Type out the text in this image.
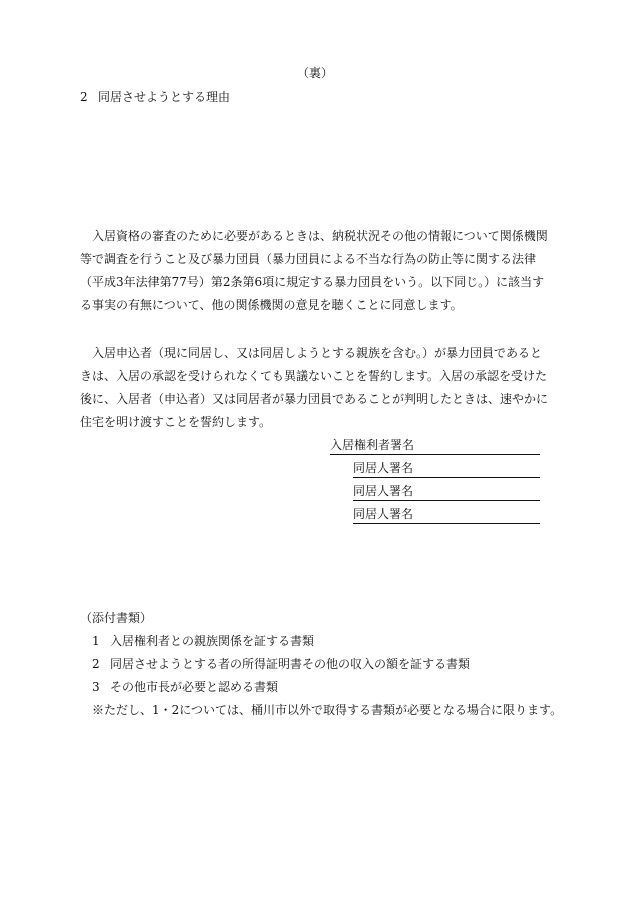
（裏）
2 同居させようとする理由
　入居資格の審査のために必要があるときは、納税状況その他の情報について関係機関等で調査を行うこと及び暴力団員（暴力団員による不当な行為の防止等に関する法律（平成3年法律第77号）第2条第6項に規定する暴力団員をいう。以下同じ。）に該当する事実の有無について、他の関係機関の意見を聴くことに同意します。
　入居申込者（現に同居し、又は同居しようとする親族を含む。）が暴力団員であるときは、入居の承認を受けられなくても異議ないことを誓約します。入居の承認を受けた後に、入居者（申込者）又は同居者が暴力団員であることが判明したときは、速やかに住宅を明け渡すことを誓約します。
入居権利者署名
同居人署名
同居人署名
同居人署名
（添付書類）
1 入居権利者との親族関係を証する書類
2 同居させようとする者の所得証明書その他の収入の額を証する書類
3 その他市長が必要と認める書類
※ただし、1・2については、桶川市以外で取得する書類が必要となる場合に限ります。
